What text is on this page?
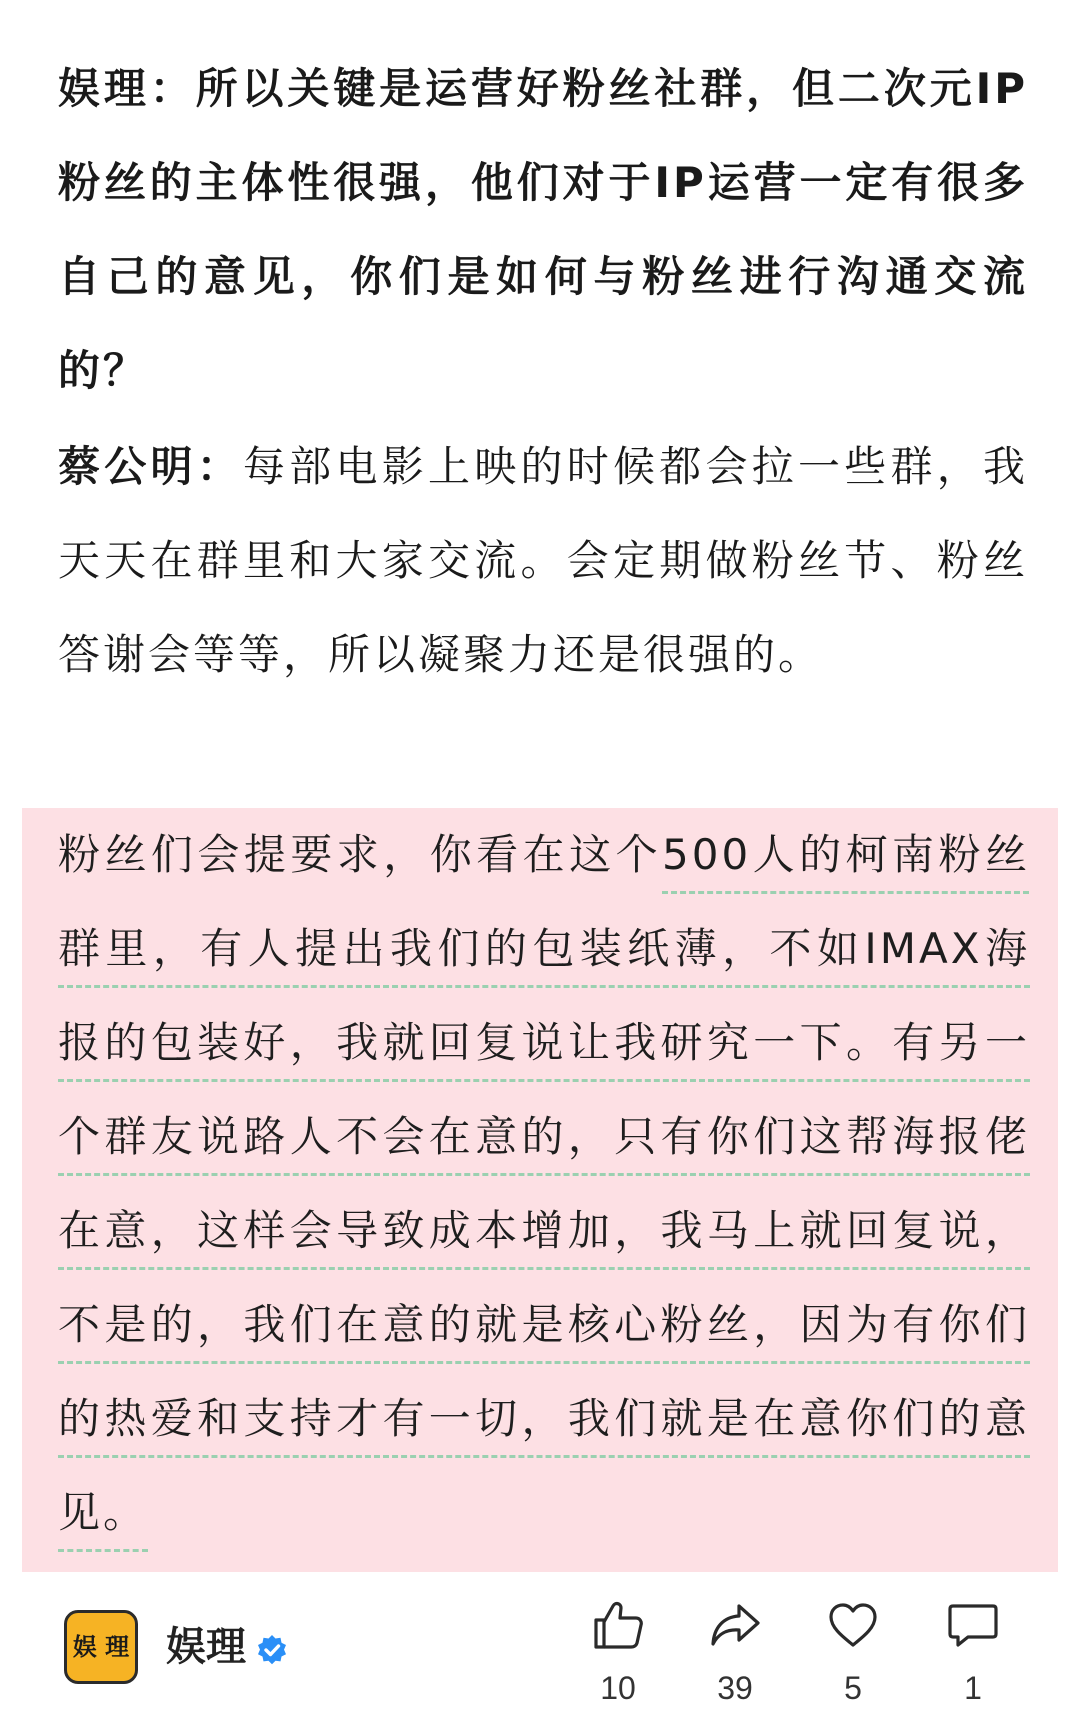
娱理：所以关键是运营好粉丝社群，但二次元IP粉丝的主体性很强，他们对于IP运营一定有很多自己的意见，你们是如何与粉丝进行沟通交流的？
蔡公明：每部电影上映的时候都会拉一些群，我天天在群里和大家交流。会定期做粉丝节、粉丝答谢会等等，所以凝聚力还是很强的。
粉丝们会提要求，你看在这个500人的柯南粉丝群里，有人提出我们的包装纸薄，不如IMAX海报的包装好，我就回复说让我研究一下。有另一个群友说路人不会在意的，只有你们这帮海报佬在意，这样会导致成本增加，我马上就回复说，不是的，我们在意的就是核心粉丝，因为有你们的热爱和支持才有一切，我们就是在意你们的意见。
娱 理 娱理
10	39	5	1
